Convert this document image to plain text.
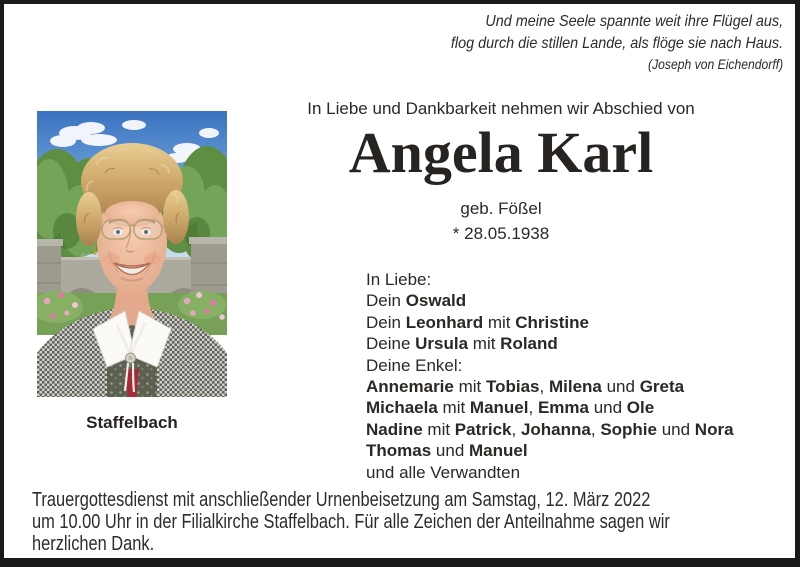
Und meine Seele spannte weit ihre Flügel aus,
flog durch die stillen Lande, als flöge sie nach Haus.
(Joseph von Eichendorff)
Staffelbach
In Liebe und Dankbarkeit nehmen wir Abschied von
Angela Karl
geb. Fößel
* 28.05.1938
In Liebe:
Dein Oswald
Dein Leonhard mit Christine
Deine Ursula mit Roland
Deine Enkel:
Annemarie mit Tobias, Milena und Greta
Michaela mit Manuel, Emma und Ole
Nadine mit Patrick, Johanna, Sophie und Nora
Thomas und Manuel
und alle Verwandten
Trauergottesdienst mit anschließender Urnenbeisetzung am Samstag, 12. März 2022
um 10.00 Uhr in der Filialkirche Staffelbach. Für alle Zeichen der Anteilnahme sagen wir
herzlichen Dank.
